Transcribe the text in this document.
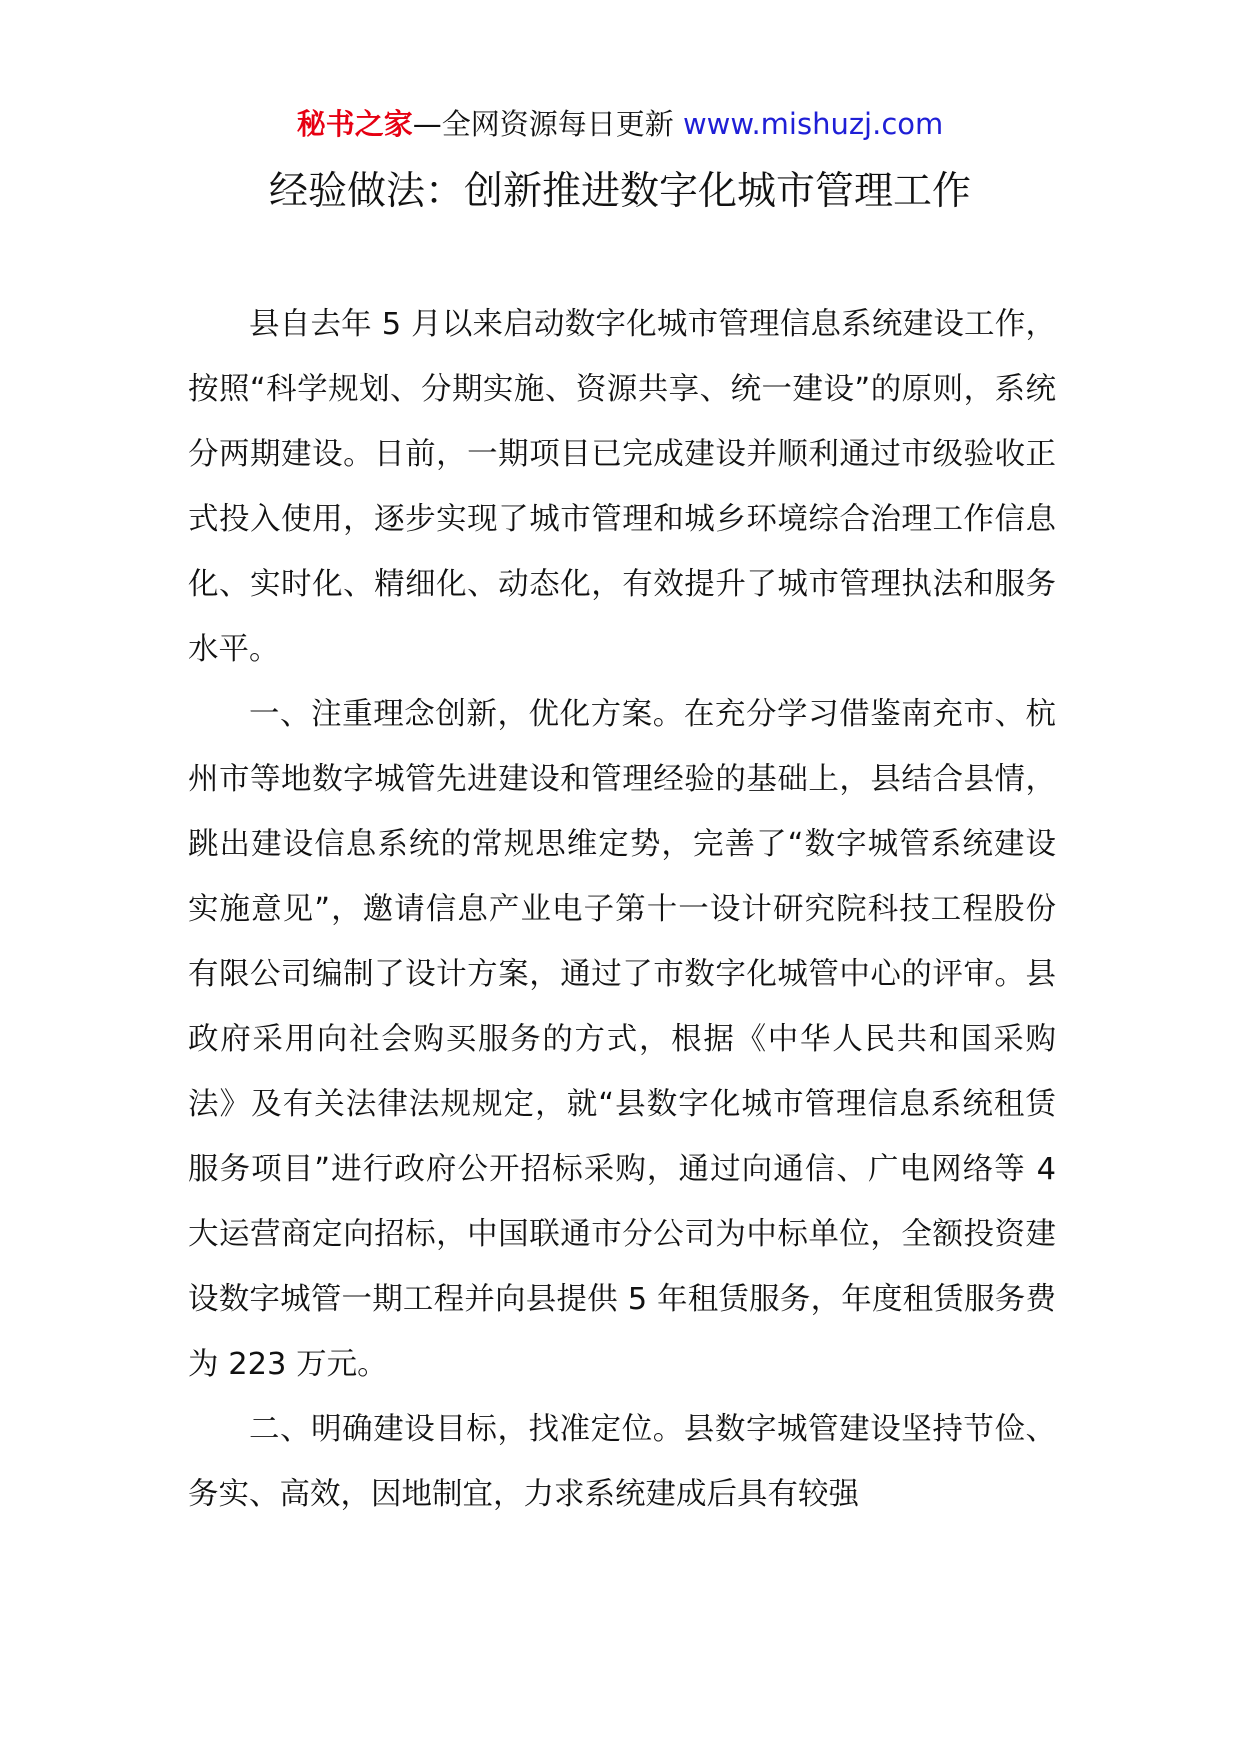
秘书之家—全网资源每日更新 www.mishuzj.com
经验做法：创新推进数字化城市管理工作

县自去年 5 月以来启动数字化城市管理信息系统建设工作，按照“科学规划、分期实施、资源共享、统一建设”的原则，系统分两期建设。日前，一期项目已完成建设并顺利通过市级验收正式投入使用，逐步实现了城市管理和城乡环境综合治理工作信息化、实时化、精细化、动态化，有效提升了城市管理执法和服务水平。

一、注重理念创新，优化方案。在充分学习借鉴南充市、杭州市等地数字城管先进建设和管理经验的基础上，县结合县情，跳出建设信息系统的常规思维定势，完善了“数字城管系统建设实施意见”，邀请信息产业电子第十一设计研究院科技工程股份有限公司编制了设计方案，通过了市数字化城管中心的评审。县政府采用向社会购买服务的方式，根据《中华人民共和国采购法》及有关法律法规规定，就“县数字化城市管理信息系统租赁服务项目”进行政府公开招标采购，通过向通信、广电网络等 4 大运营商定向招标，中国联通市分公司为中标单位，全额投资建设数字城管一期工程并向县提供 5 年租赁服务，年度租赁服务费为 223 万元。

二、明确建设目标，找准定位。县数字城管建设坚持节俭、务实、高效，因地制宜，力求系统建成后具有较强
